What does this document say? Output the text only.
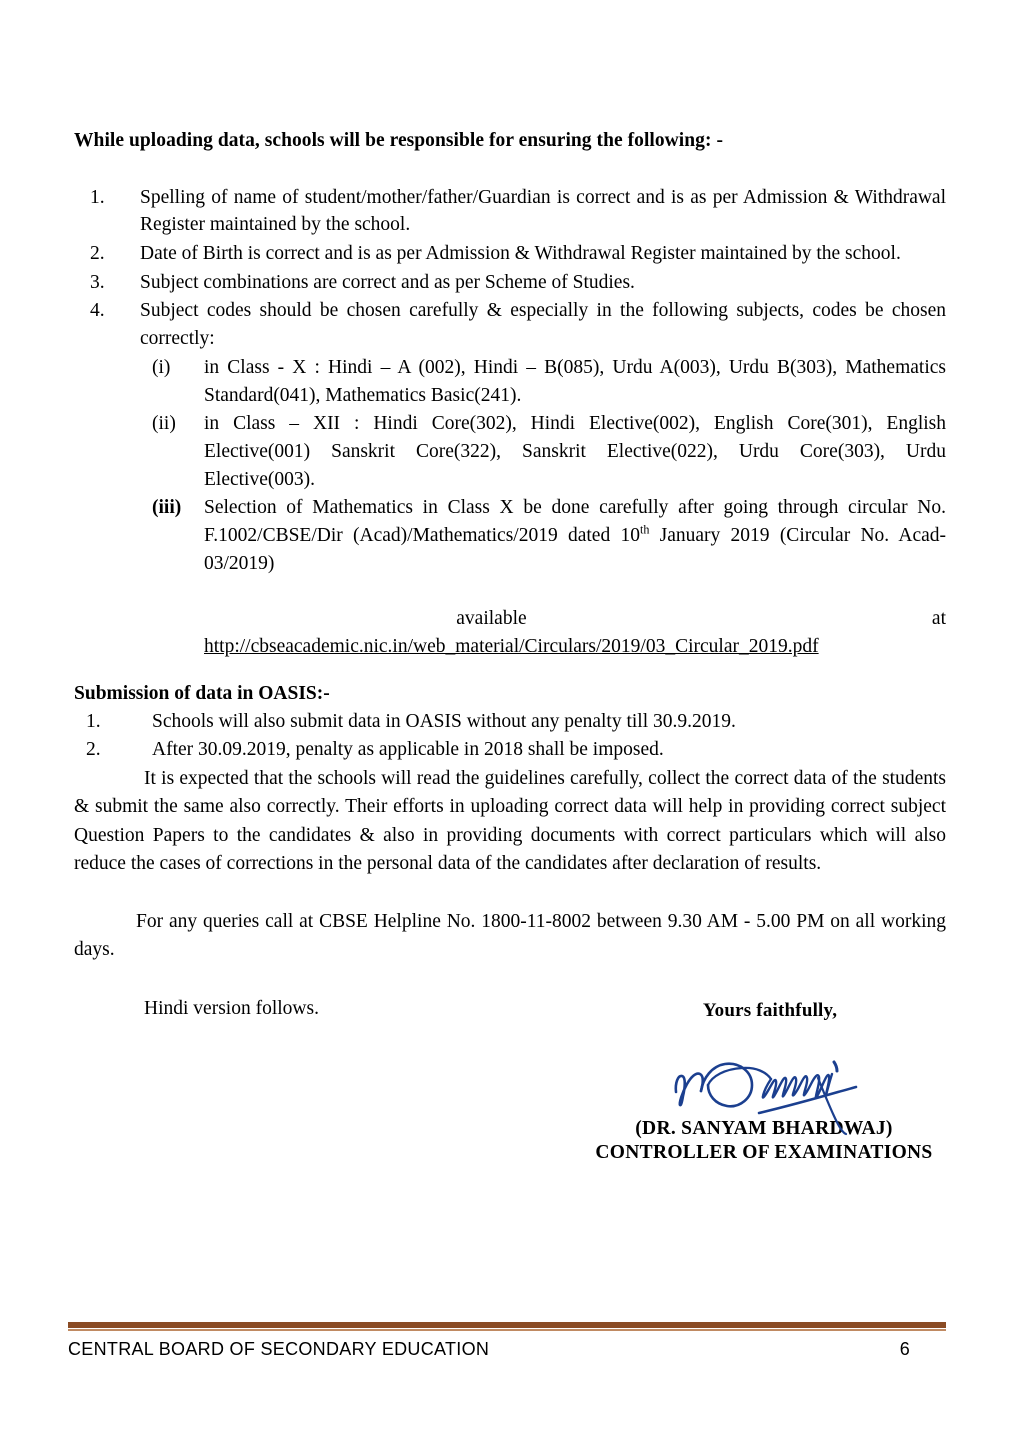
While uploading data, schools will be responsible for ensuring the following: -

1.	Spelling of name of student/mother/father/Guardian is correct and is as per Admission & Withdrawal Register maintained by the school.
2.	Date of Birth is correct and is as per Admission & Withdrawal Register maintained by the school.
3.	Subject combinations are correct and as per Scheme of Studies.
4.	Subject codes should be chosen carefully & especially in the following subjects, codes be chosen correctly:
(i)	in Class - X : Hindi – A (002), Hindi – B(085), Urdu A(003), Urdu B(303), Mathematics Standard(041), Mathematics Basic(241).
(ii)	in Class – XII : Hindi Core(302), Hindi Elective(002), English Core(301), English Elective(001) Sanskrit Core(322), Sanskrit Elective(022), Urdu Core(303), Urdu Elective(003).
(iii)	Selection of Mathematics in Class X be done carefully after going through circular No. F.1002/CBSE/Dir (Acad)/Mathematics/2019 dated 10th January 2019 (Circular No. Acad-03/2019)
available	at
http://cbseacademic.nic.in/web_material/Circulars/2019/03_Circular_2019.pdf

Submission of data in OASIS:-

1.	Schools will also submit data in OASIS without any penalty till 30.9.2019.
2.	After 30.09.2019, penalty as applicable in 2018 shall be imposed.

It is expected that the schools will read the guidelines carefully, collect the correct data of the students & submit the same also correctly. Their efforts in uploading correct data will help in providing correct subject Question Papers to the candidates & also in providing documents with correct particulars which will also reduce the cases of corrections in the personal data of the candidates after declaration of results.

For any queries call at CBSE Helpline No. 1800-11-8002 between 9.30 AM - 5.00 PM on all working days.

Hindi version follows.	Yours faithfully,

(DR. SANYAM BHARDWAJ)

CONTROLLER OF EXAMINATIONS

CENTRAL BOARD OF SECONDARY EDUCATION	6
